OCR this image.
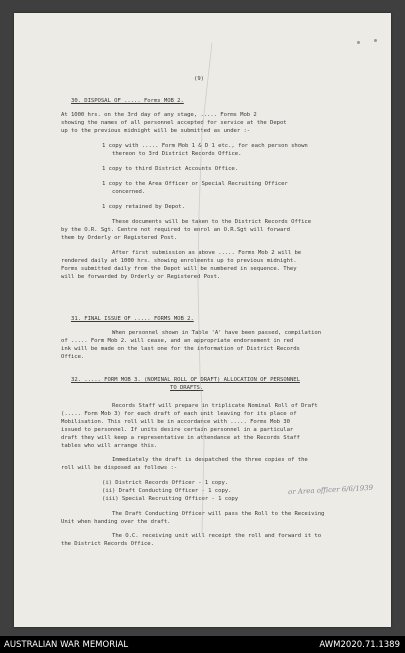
(9)
30. DISPOSAL OF ..... Forms MOB 2.
At 1000 hrs. on the 3rd day of any stage, ..... Forms Mob 2
showing the names of all personnel accepted for service at the Depot
up to the previous midnight will be submitted as under :-
1 copy with ..... Form Mob 1 & D 1 etc., for each person shown
thereon to 3rd District Records Office.
1 copy to third District Accounts Office.
1 copy to the Area Officer or Special Recruiting Officer
concerned.
1 copy retained by Depot.
These documents will be taken to the District Records Office
by the O.R. Sgt. Centre not required to enrol an O.R.Sgt will forward
them by Orderly or Registered Post.
After first submission as above ..... Forms Mob 2 will be
rendered daily at 1000 hrs. showing enrolments up to previous midnight.
Forms submitted daily from the Depot will be numbered in sequence. They
will be forwarded by Orderly or Registered Post.
31. FINAL ISSUE OF ..... FORMS MOB 2.
When personnel shown in Table 'A' have been passed, compilation
of ..... Form Mob 2. will cease, and an appropriate endorsement in red
ink will be made on the last one for the information of District Records
Office.
32. ..... FORM MOB 3. (NOMINAL ROLL OF DRAFT) ALLOCATION OF PERSONNEL
TO DRAFTS.
Records Staff will prepare in triplicate Nominal Roll of Draft
(..... Form Mob 3) for each draft of each unit leaving for its place of
Mobilisation. This roll will be in accordance with ..... Forms Mob 30
issued to personnel. If units desire certain personnel in a particular
draft they will keep a representative in attendance at the Records Staff
tables who will arrange this.
Immediately the draft is despatched the three copies of the
roll will be disposed as follows :-
(i) District Records Officer - 1 copy.
(ii) Draft Conducting Officer - 1 copy.
(iii) Special Recruiting Officer - 1 copy
The Draft Conducting Officer will pass the Roll to the Receiving
Unit when handing over the draft.
The O.C. receiving unit will receipt the roll and forward it to
the District Records Office.
or Area officer 6/6/1939
AUSTRALIAN WAR MEMORIAL	AWM2020.71.1389
